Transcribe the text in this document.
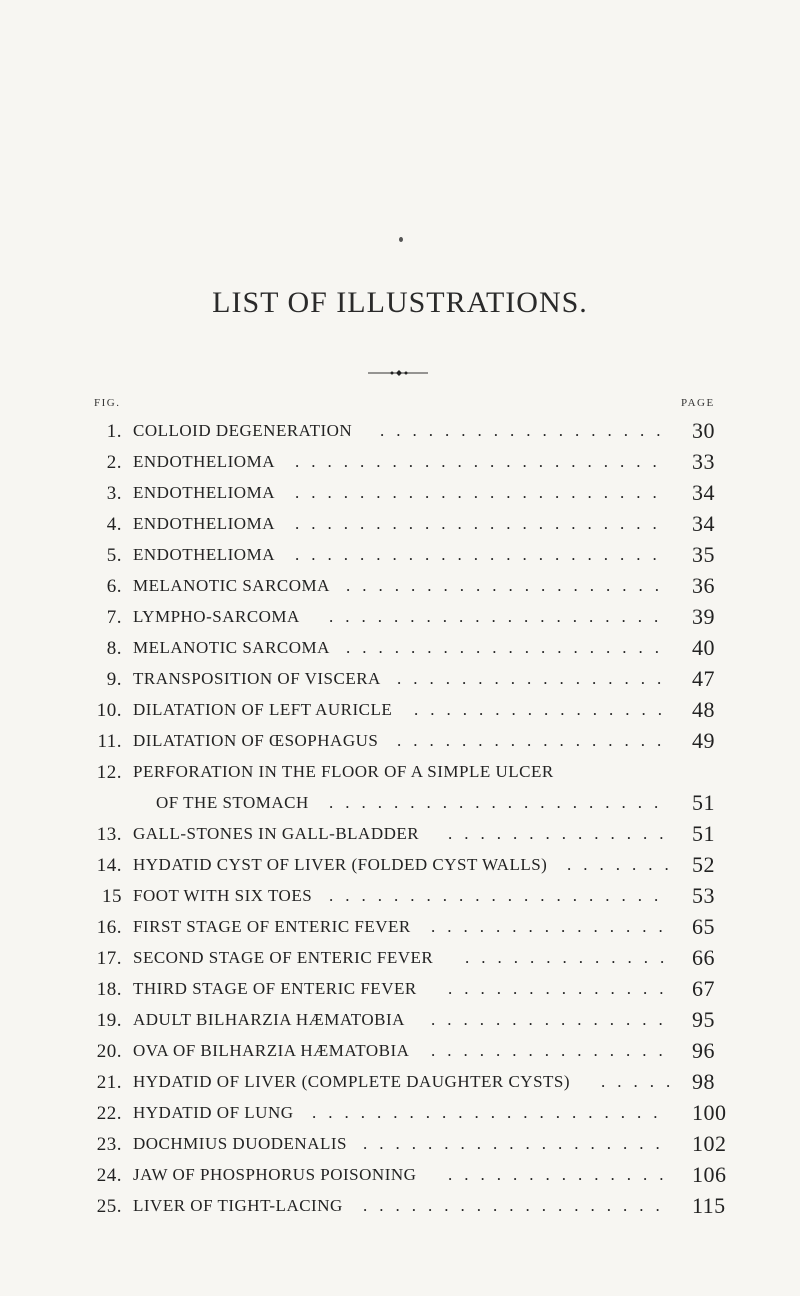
LIST OF ILLUSTRATIONS.
FIG.	PAGE
1. COLLOID DEGENERATION	30
..................
2. ENDOTHELIOMA	33
.......................
3. ENDOTHELIOMA	34
.......................
4. ENDOTHELIOMA	34
.......................
5. ENDOTHELIOMA	35
.......................
6. MELANOTIC SARCOMA	36
....................
7. LYMPHO-SARCOMA	39
.....................
8. MELANOTIC SARCOMA	40
....................
9. TRANSPOSITION OF VISCERA	47
.................
10. DILATATION OF LEFT AURICLE	48
................
11. DILATATION OF ŒSOPHAGUS	49
.................
12. PERFORATION IN THE FLOOR OF A SIMPLE ULCER
OF THE STOMACH	51
.....................
13. GALL-STONES IN GALL-BLADDER	51
..............
14. HYDATID CYST OF LIVER (FOLDED CYST WALLS)	52
.......
15 FOOT WITH SIX TOES	53
.....................
16. FIRST STAGE OF ENTERIC FEVER	65
...............
17. SECOND STAGE OF ENTERIC FEVER	66
.............
18. THIRD STAGE OF ENTERIC FEVER	67
..............
19. ADULT BILHARZIA HÆMATOBIA	95
...............
20. OVA OF BILHARZIA HÆMATOBIA	96
...............
21. HYDATID OF LIVER (COMPLETE DAUGHTER CYSTS)	98
.....
22. HYDATID OF LUNG	100
......................
23. DOCHMIUS DUODENALIS	102
...................
24. JAW OF PHOSPHORUS POISONING	106
..............
25. LIVER OF TIGHT-LACING	115
...................
